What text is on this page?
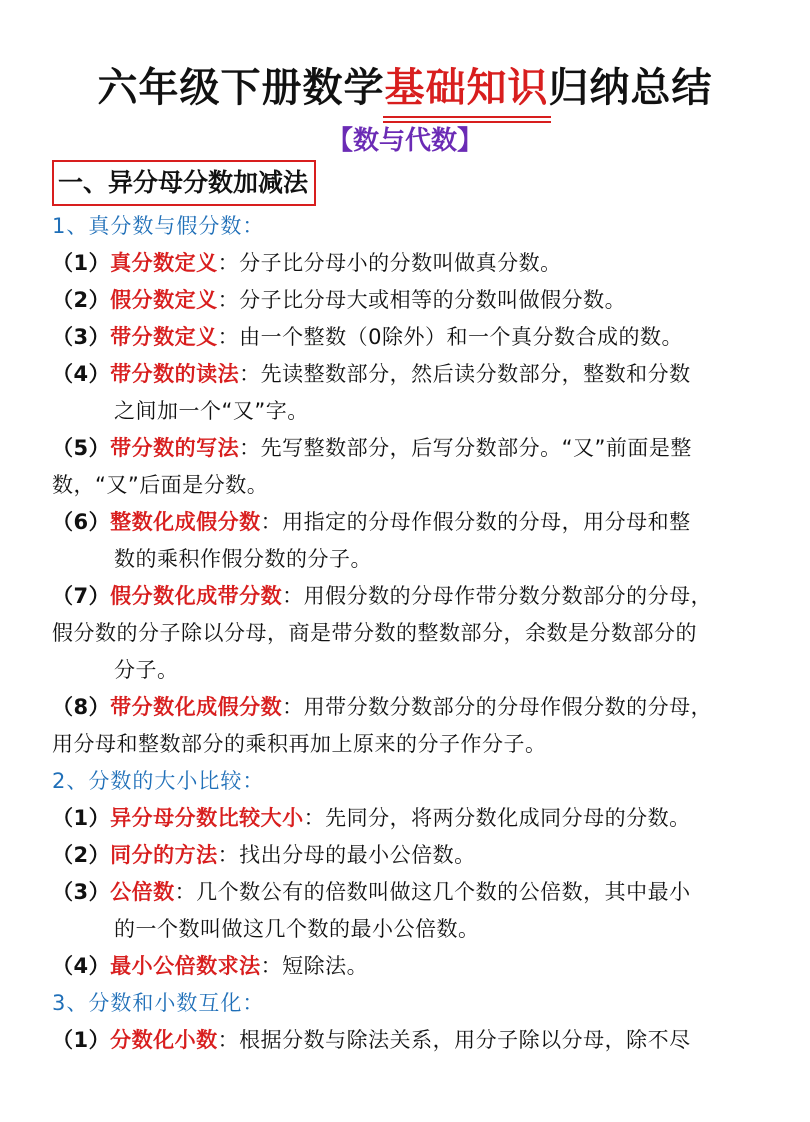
六年级下册数学基础知识归纳总结
【数与代数】
一、异分母分数加减法
1、真分数与假分数：
（1）真分数定义：分子比分母小的分数叫做真分数。
（2）假分数定义：分子比分母大或相等的分数叫做假分数。
（3）带分数定义：由一个整数（0除外）和一个真分数合成的数。
（4）带分数的读法：先读整数部分，然后读分数部分，整数和分数
之间加一个“又”字。
（5）带分数的写法：先写整数部分，后写分数部分。“又”前面是整
数，“又”后面是分数。
（6）整数化成假分数：用指定的分母作假分数的分母，用分母和整
数的乘积作假分数的分子。
（7）假分数化成带分数：用假分数的分母作带分数分数部分的分母，
假分数的分子除以分母，商是带分数的整数部分，余数是分数部分的
分子。
（8）带分数化成假分数：用带分数分数部分的分母作假分数的分母，
用分母和整数部分的乘积再加上原来的分子作分子。
2、分数的大小比较：
（1）异分母分数比较大小：先同分，将两分数化成同分母的分数。
（2）同分的方法：找出分母的最小公倍数。
（3）公倍数：几个数公有的倍数叫做这几个数的公倍数，其中最小
的一个数叫做这几个数的最小公倍数。
（4）最小公倍数求法：短除法。
3、分数和小数互化：
（1）分数化小数：根据分数与除法关系，用分子除以分母，除不尽
